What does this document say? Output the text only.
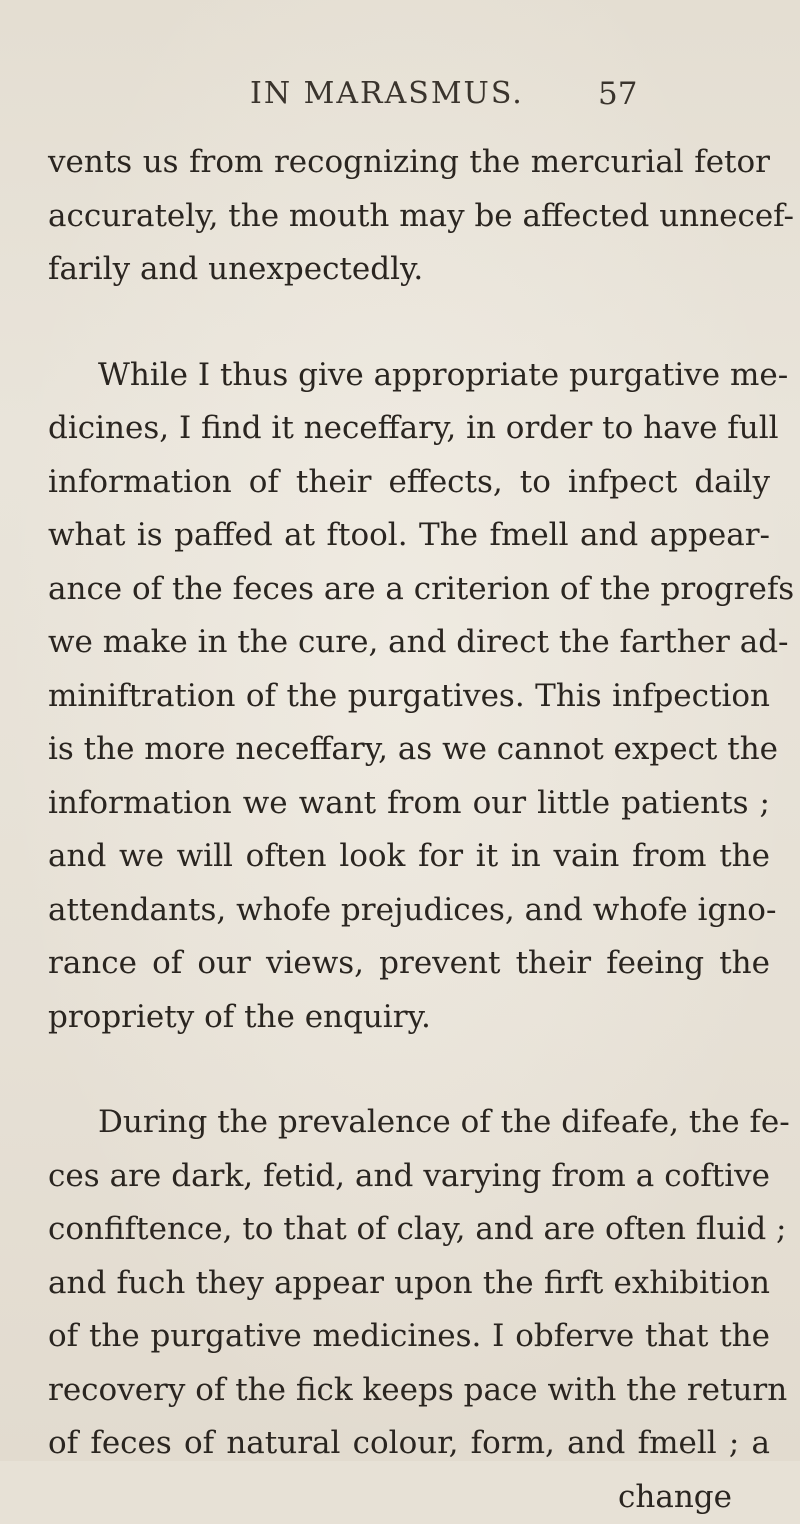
IN MARASMUS. 57

vents us from recognizing the mercurial fetor
accurately, the mouth may be affected unnecef-
farily and unexpectedly.

While I thus give appropriate purgative me-
dicines, I find it neceffary, in order to have full
information of their effects, to infpect daily
what is paffed at ftool. The fmell and appear-
ance of the feces are a criterion of the progrefs
we make in the cure, and direct the farther ad-
miniftration of the purgatives. This infpection
is the more neceffary, as we cannot expect the
information we want from our little patients ;
and we will often look for it in vain from the
attendants, whofe prejudices, and whofe igno-
rance of our views, prevent their feeing the
propriety of the enquiry.

During the prevalence of the difeafe, the fe-
ces are dark, fetid, and varying from a coftive
confiftence, to that of clay, and are often fluid ;
and fuch they appear upon the firft exhibition
of the purgative medicines. I obferve that the
recovery of the fick keeps pace with the return
of feces of natural colour, form, and fmell ; a

change
